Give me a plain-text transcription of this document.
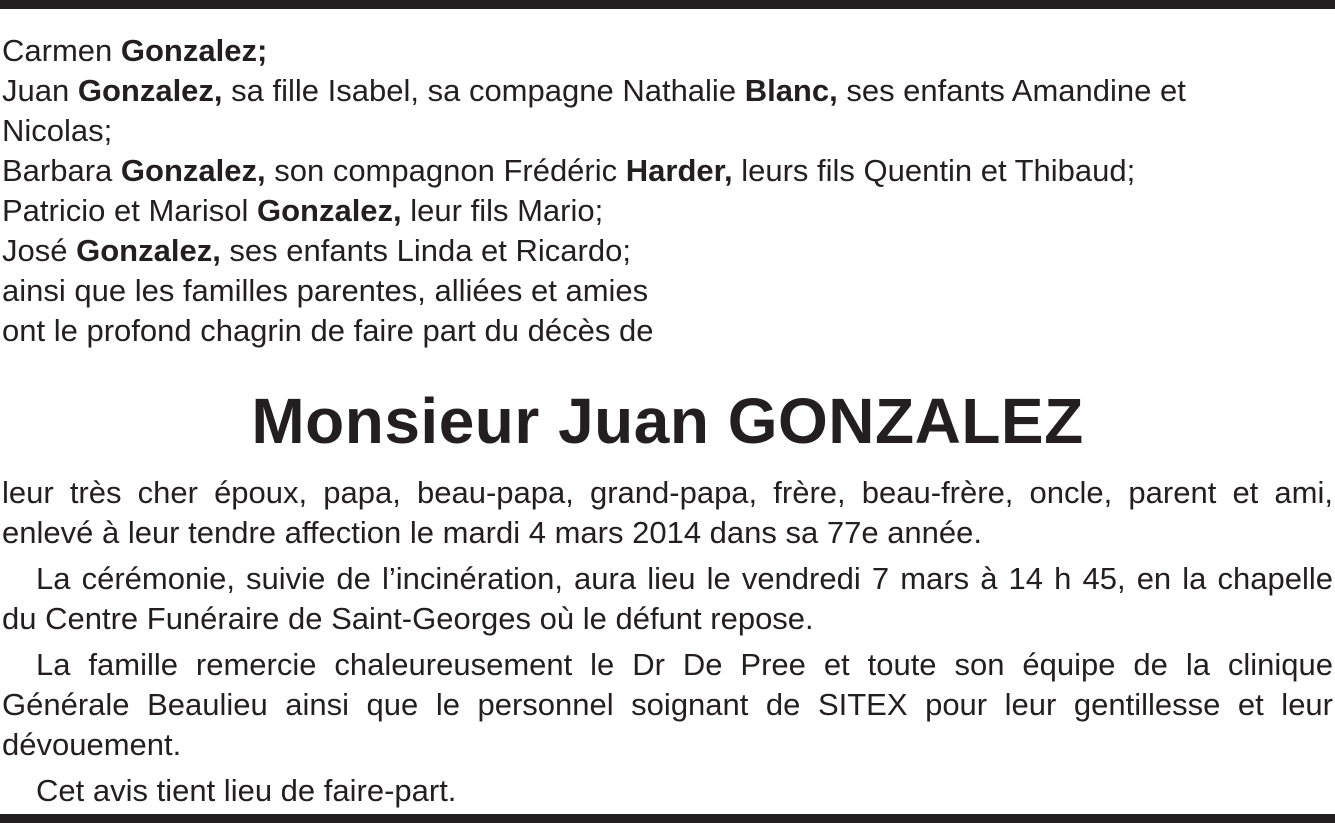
Carmen Gonzalez;
Juan Gonzalez, sa fille Isabel, sa compagne Nathalie Blanc, ses enfants Amandine et
Nicolas;
Barbara Gonzalez, son compagnon Frédéric Harder, leurs fils Quentin et Thibaud;
Patricio et Marisol Gonzalez, leur fils Mario;
José Gonzalez, ses enfants Linda et Ricardo;
ainsi que les familles parentes, alliées et amies
ont le profond chagrin de faire part du décès de
Monsieur Juan GONZALEZ

leur très cher époux, papa, beau-papa, grand-papa, frère, beau-frère, oncle, parent et ami, enlevé à leur tendre affection le mardi 4 mars 2014 dans sa 77e année.

La cérémonie, suivie de l’incinération, aura lieu le vendredi 7 mars à 14 h 45, en la chapelle du Centre Funéraire de Saint-Georges où le défunt repose.

La famille remercie chaleureusement le Dr De Pree et toute son équipe de la clinique Générale Beaulieu ainsi que le personnel soignant de SITEX pour leur gentillesse et leur dévouement.

Cet avis tient lieu de faire-part.
